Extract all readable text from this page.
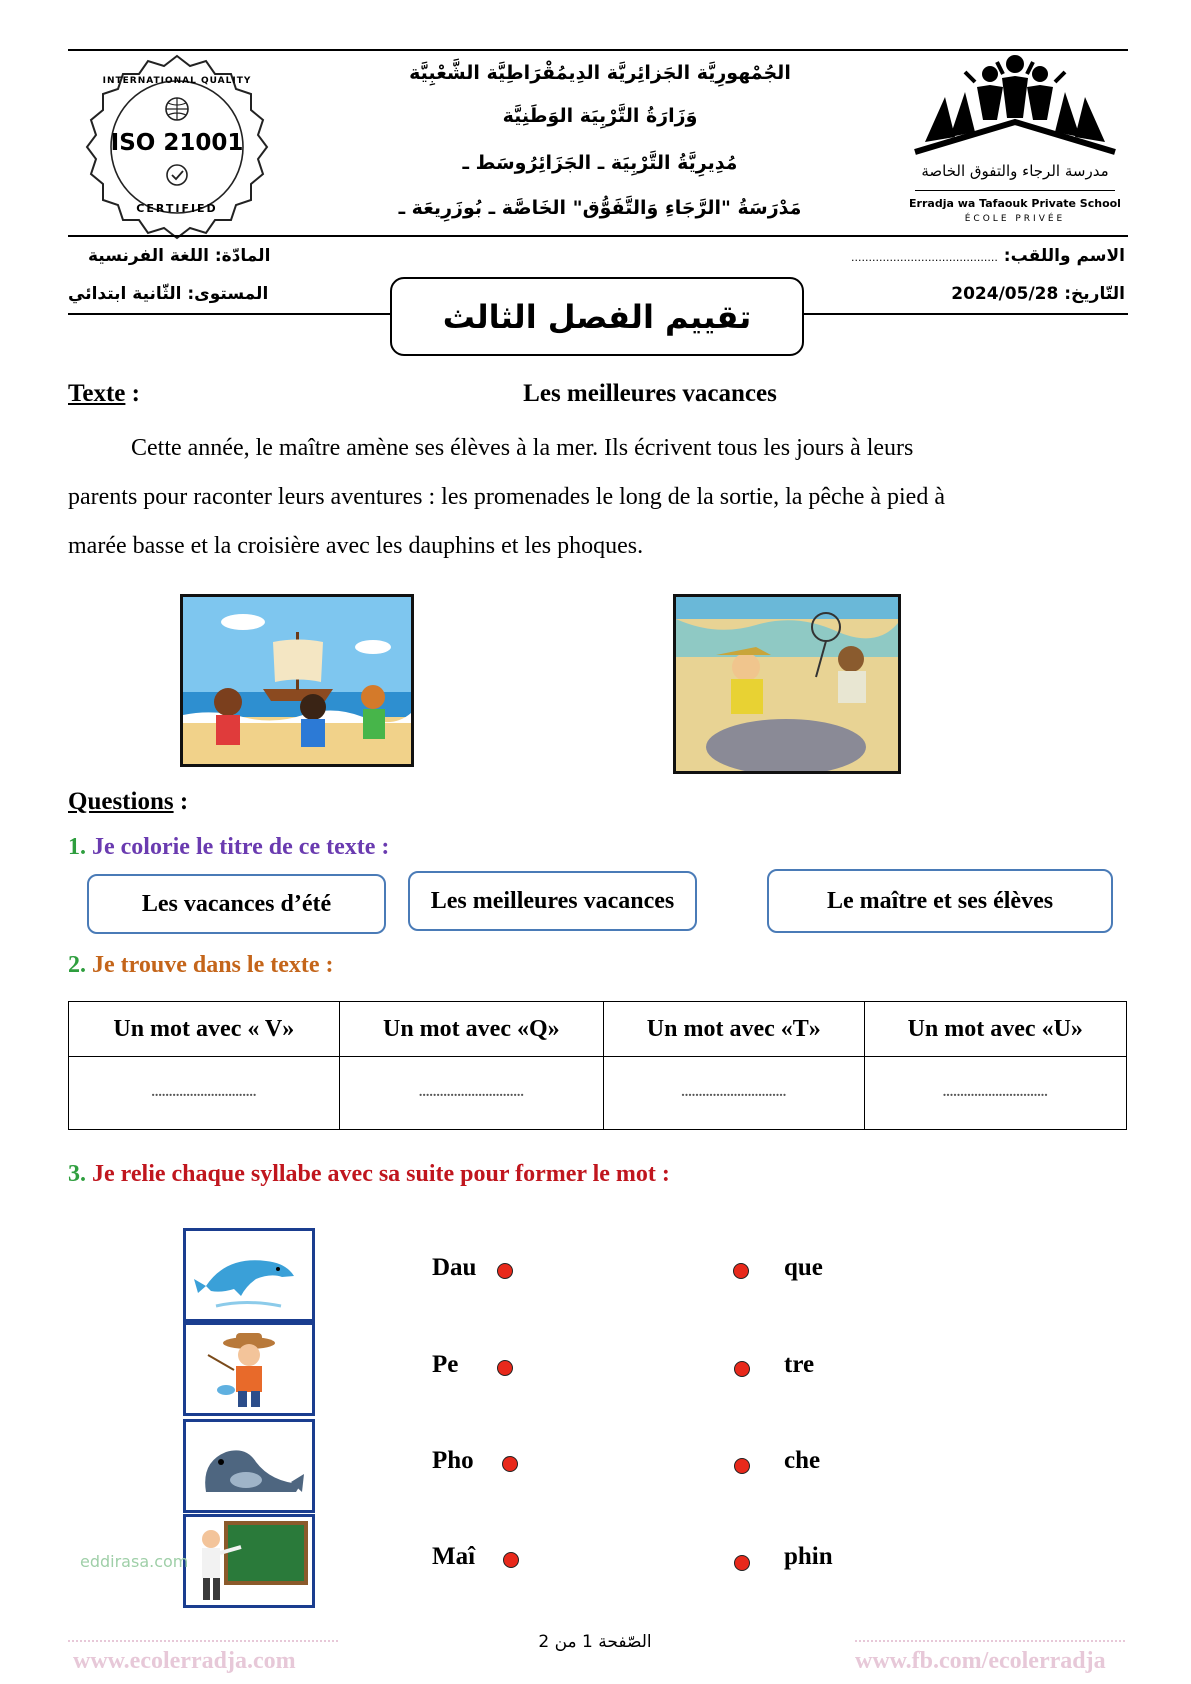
INTERNATIONAL QUALITY
ISO 21001
CERTIFIED
الجُمْهورِيَّة الجَزائِريَّة الدِيمُقْرَاطِيَّة الشَّعْبِيَّة
وَزَارَةُ التَّرْبِيَة الوَطَنِيَّة
مُدِيرِيَّةُ التَّرْبِيَة ـ الجَزَائِرُوسَط ـ
مَدْرَسَةُ "الرَّجَاءِ وَالتَّفَوُّق" الخَاصَّة ـ بُوزَرِيعَة ـ
مدرسة الرجاء والتفوق الخاصة
Erradja wa Tafaouk Private School
ÉCOLE PRIVÉE
الاسم واللقب: ..........................................
التّاريخ: 2024/05/28
المادّة: اللغة الفرنسية
المستوى: الثّانية ابتدائي
تقييم الفصل الثالث
Texte :	Les meilleures vacances
Cette année, le maître amène ses élèves à la mer. Ils écrivent tous les jours à leurs
parents pour raconter leurs aventures : les promenades le long de la sortie, la pêche à pied à
marée basse et la croisière avec les dauphins et les phoques.
Questions :
1. Je colorie le titre de ce texte :
Les vacances d’été	Les meilleures vacances	Le maître et ses élèves
2. Je trouve dans le texte :
Un mot avec « V»	Un mot avec «Q»	Un mot avec «T»	Un mot avec «U»
..............................	..............................	..............................	..............................
3. Je relie chaque syllabe avec sa suite pour former le mot :
Dau
Pe
Pho
Maî
que
tre
che
phin
eddirasa.com
الصّفحة 1 من 2
www.ecolerradja.com	www.fb.com/ecolerradja
